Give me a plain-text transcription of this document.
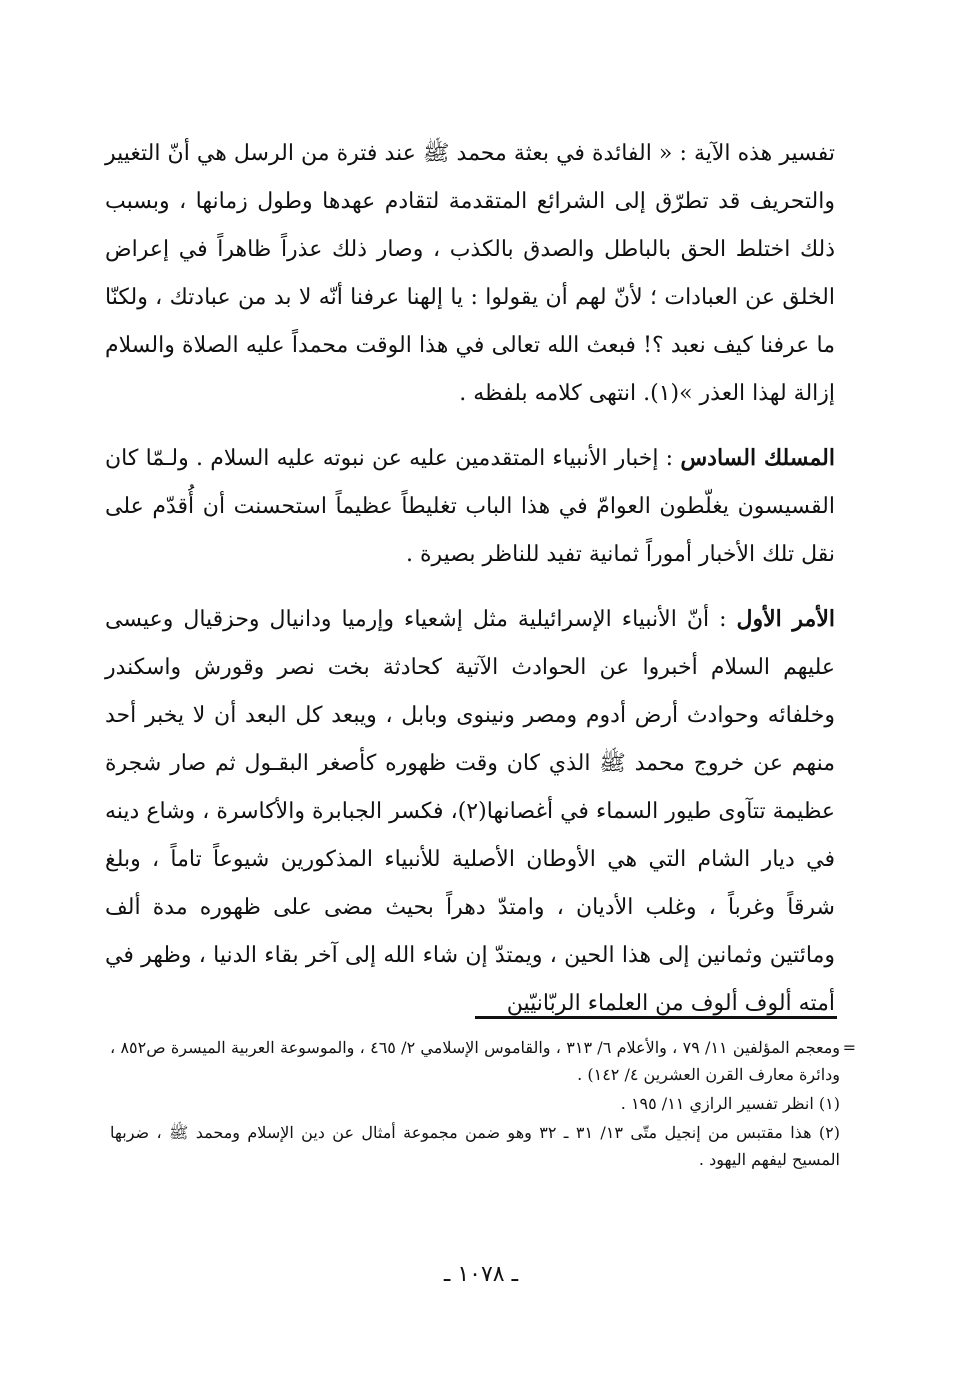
تفسير هذه الآية : « الفائدة في بعثة محمد ﷺ عند فترة من الرسل هي أنّ التغيير والتحريف قد تطرّق إلى الشرائع المتقدمة لتقادم عهدها وطول زمانها ، وبسبب ذلك اختلط الحق بالباطل والصدق بالكذب ، وصار ذلك عذراً ظاهراً في إعراض الخلق عن العبادات ؛ لأنّ لهم أن يقولوا : يا إلهنا عرفنا أنّه لا بد من عبادتك ، ولكنّا ما عرفنا كيف نعبد ؟! فبعث الله تعالى في هذا الوقت محمداً عليه الصلاة والسلام إزالة لهذا العذر »(١). انتهى كلامه بلفظه .

المسلك السادس : إخبار الأنبياء المتقدمين عليه عن نبوته عليه السلام . ولـمّا كان القسيسون يغلّطون العوامّ في هذا الباب تغليطاً عظيماً استحسنت أن أُقدّم على نقل تلك الأخبار أموراً ثمانية تفيد للناظر بصيرة .

الأمر الأول : أنّ الأنبياء الإسرائيلية مثل إشعياء وإرميا ودانيال وحزقيال وعيسى عليهم السلام أخبروا عن الحوادث الآتية كحادثة بخت نصر وقورش واسكندر وخلفائه وحوادث أرض أدوم ومصر ونينوى وبابل ، ويبعد كل البعد أن لا يخبر أحد منهم عن خروج محمد ﷺ الذي كان وقت ظهوره كأصغر البقـول ثم صار شجرة عظيمة تتآوى طيور السماء في أغصانها(٢)، فكسر الجبابرة والأكاسرة ، وشاع دينه في ديار الشام التي هي الأوطان الأصلية للأنبياء المذكورين شيوعاً تاماً ، وبلغ شرقاً وغرباً ، وغلب الأديان ، وامتدّ دهراً بحيث مضى على ظهوره مدة ألف ومائتين وثمانين إلى هذا الحين ، ويمتدّ إن شاء الله إلى آخر بقاء الدنيا ، وظهر في أمته ألوف ألوف من العلماء الربّانيّين

=
ومعجم المؤلفين ١١/ ٧٩ ، والأعلام ٦/ ٣١٣ ، والقاموس الإسلامي ٢/ ٤٦٥ ، والموسوعة العربية الميسرة ص٨٥٢ ، ودائرة معارف القرن العشرين ٤/ ١٤٢) .

(١) انظر تفسير الرازي ١١/ ١٩٥ .

(٢) هذا مقتبس من إنجيل متّى ١٣/ ٣١ ـ ٣٢ وهو ضمن مجموعة أمثال عن دين الإسلام ومحمد ﷺ ، ضربها المسيح ليفهم اليهود .

ـ ١٠٧٨ ـ
